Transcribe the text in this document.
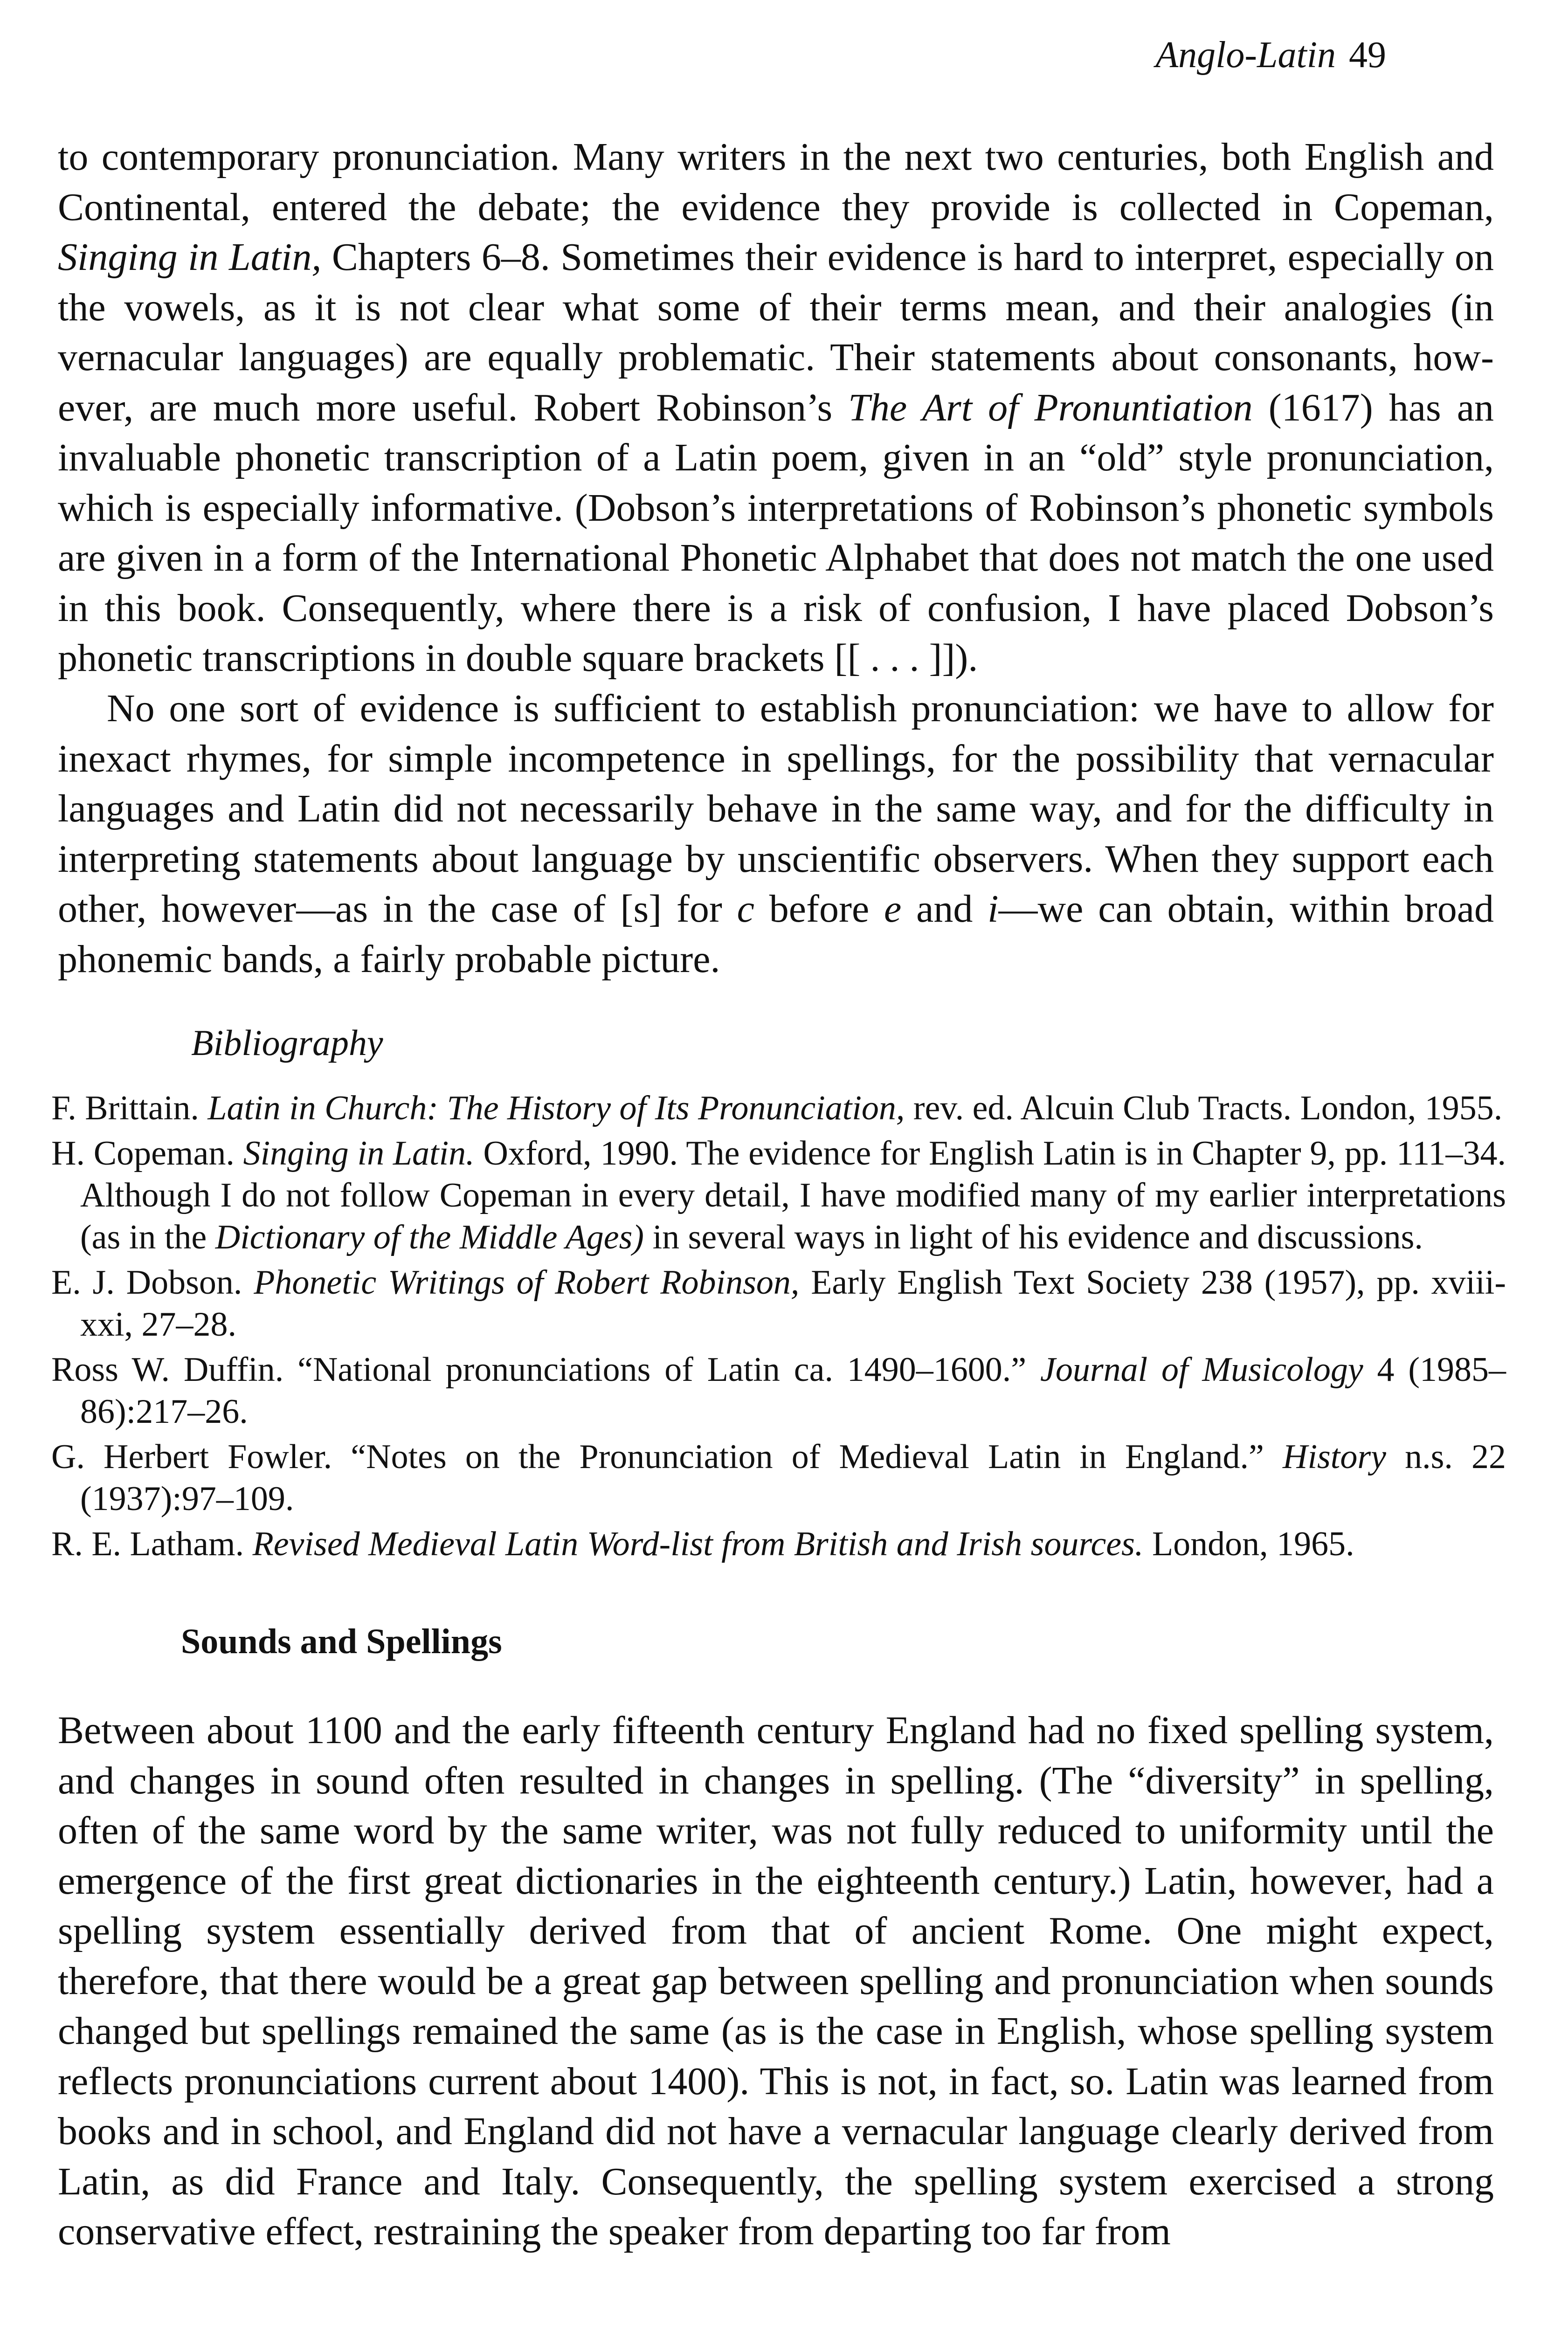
Anglo-Latin 49

to contemporary pronunciation. Many writers in the next two centuries, both English and Continental, entered the debate; the evidence they provide is collected in Copeman, Singing in Latin, Chapters 6–8. Sometimes their evidence is hard to interpret, especially on the vowels, as it is not clear what some of their terms mean, and their analogies (in vernacular languages) are equally problematic. Their statements about consonants, however, are much more useful. Robert Robinson’s The Art of Pronuntiation (1617) has an invaluable phonetic transcription of a Latin poem, given in an “old” style pronunciation, which is especially informative. (Dobson’s interpretations of Robinson’s phonetic symbols are given in a form of the International Phonetic Alphabet that does not match the one used in this book. Consequently, where there is a risk of confusion, I have placed Dobson’s phonetic transcriptions in double square brackets [[ . . . ]]).

No one sort of evidence is sufficient to establish pronunciation: we have to allow for inexact rhymes, for simple incompetence in spellings, for the possibility that vernacular languages and Latin did not necessarily behave in the same way, and for the difficulty in interpreting statements about language by unscientific observers. When they support each other, however—as in the case of [s] for c before e and i—we can obtain, within broad phonemic bands, a fairly probable picture.

Bibliography
F. Brittain. Latin in Church: The History of Its Pronunciation, rev. ed. Alcuin Club Tracts. London, 1955.
H. Copeman. Singing in Latin. Oxford, 1990. The evidence for English Latin is in Chapter 9, pp. 111–34. Although I do not follow Copeman in every detail, I have modified many of my earlier interpretations (as in the Dictionary of the Middle Ages) in several ways in light of his evidence and discussions.
E. J. Dobson. Phonetic Writings of Robert Robinson, Early English Text Society 238 (1957), pp. xviii-xxi, 27–28.
Ross W. Duffin. “National pronunciations of Latin ca. 1490–1600.” Journal of Musicology 4 (1985–86):217–26.
G. Herbert Fowler. “Notes on the Pronunciation of Medieval Latin in England.” History n.s. 22 (1937):97–109.
R. E. Latham. Revised Medieval Latin Word-list from British and Irish sources. London, 1965.
Sounds and Spellings

Between about 1100 and the early fifteenth century England had no fixed spelling system, and changes in sound often resulted in changes in spelling. (The “diversity” in spelling, often of the same word by the same writer, was not fully reduced to uniformity until the emergence of the first great dictionaries in the eighteenth century.) Latin, however, had a spelling system essentially derived from that of ancient Rome. One might expect, therefore, that there would be a great gap between spelling and pronunciation when sounds changed but spellings remained the same (as is the case in English, whose spelling system reflects pronunciations current about 1400). This is not, in fact, so. Latin was learned from books and in school, and England did not have a vernacular language clearly derived from Latin, as did France and Italy. Consequently, the spelling system exercised a strong conservative effect, restraining the speaker from departing too far from
